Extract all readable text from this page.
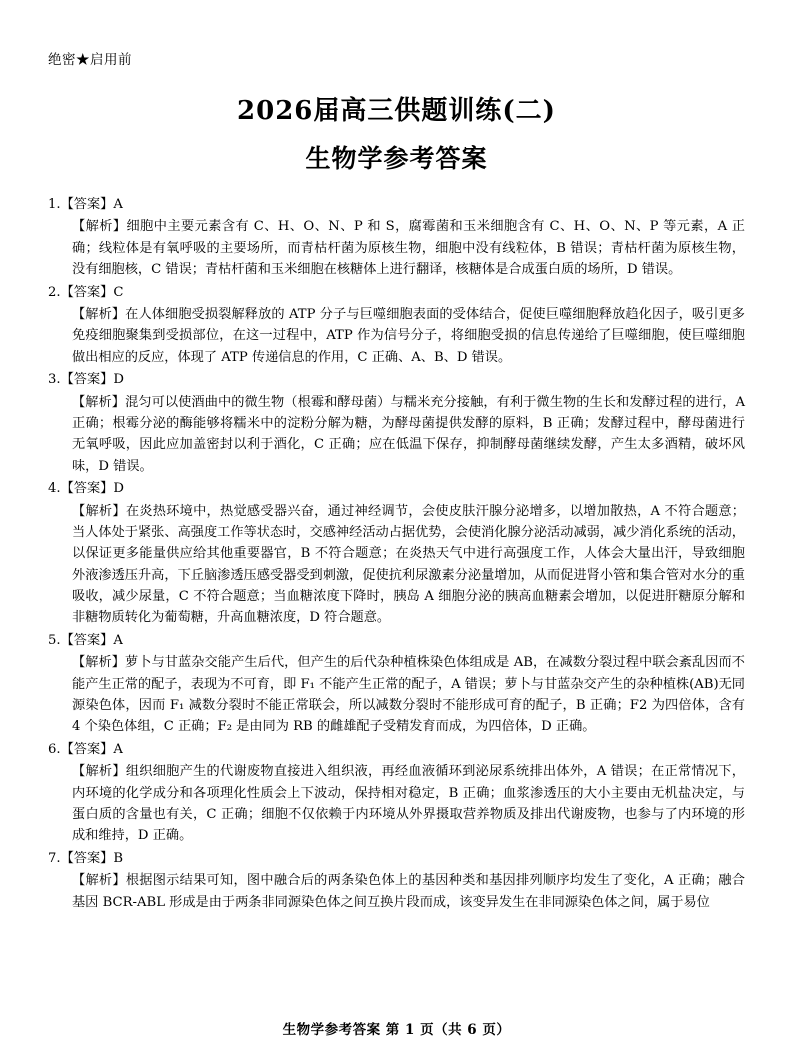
绝密★启用前
2026届高三供题训练(二)
生物学参考答案
1.【答案】A
【解析】细胞中主要元素含有 C、H、O、N、P 和 S，腐霉菌和玉米细胞含有 C、H、O、N、P 等元素，A 正确；线粒体是有氧呼吸的主要场所，而青枯杆菌为原核生物，细胞中没有线粒体，B 错误；青枯杆菌为原核生物，没有细胞核，C 错误；青枯杆菌和玉米细胞在核糖体上进行翻译，核糖体是合成蛋白质的场所，D 错误。
2.【答案】C
【解析】在人体细胞受损裂解释放的 ATP 分子与巨噬细胞表面的受体结合，促使巨噬细胞释放趋化因子，吸引更多免疫细胞聚集到受损部位，在这一过程中，ATP 作为信号分子，将细胞受损的信息传递给了巨噬细胞，使巨噬细胞做出相应的反应，体现了 ATP 传递信息的作用，C 正确、A、B、D 错误。
3.【答案】D
【解析】混匀可以使酒曲中的微生物（根霉和酵母菌）与糯米充分接触，有利于微生物的生长和发酵过程的进行，A 正确；根霉分泌的酶能够将糯米中的淀粉分解为糖，为酵母菌提供发酵的原料，B 正确；发酵过程中，酵母菌进行无氧呼吸，因此应加盖密封以利于酒化，C 正确；应在低温下保存，抑制酵母菌继续发酵，产生太多酒精，破坏风味，D 错误。
4.【答案】D
【解析】在炎热环境中，热觉感受器兴奋，通过神经调节，会使皮肤汗腺分泌增多，以增加散热，A 不符合题意；当人体处于紧张、高强度工作等状态时，交感神经活动占据优势，会使消化腺分泌活动减弱，减少消化系统的活动，以保证更多能量供应给其他重要器官，B 不符合题意；在炎热天气中进行高强度工作，人体会大量出汗，导致细胞外液渗透压升高，下丘脑渗透压感受器受到刺激，促使抗利尿激素分泌量增加，从而促进肾小管和集合管对水分的重吸收，减少尿量，C 不符合题意；当血糖浓度下降时，胰岛 A 细胞分泌的胰高血糖素会增加，以促进肝糖原分解和非糖物质转化为葡萄糖，升高血糖浓度，D 符合题意。
5.【答案】A
【解析】萝卜与甘蓝杂交能产生后代，但产生的后代杂种植株染色体组成是 AB，在减数分裂过程中联会紊乱因而不能产生正常的配子，表现为不可育，即 F₁ 不能产生正常的配子，A 错误；萝卜与甘蓝杂交产生的杂种植株(AB)无同源染色体，因而 F₁ 减数分裂时不能正常联会，所以减数分裂时不能形成可育的配子，B 正确；F2 为四倍体，含有 4 个染色体组，C 正确；F₂ 是由同为 RB 的雌雄配子受精发育而成，为四倍体，D 正确。
6.【答案】A
【解析】组织细胞产生的代谢废物直接进入组织液，再经血液循环到泌尿系统排出体外，A 错误；在正常情况下，内环境的化学成分和各项理化性质会上下波动，保持相对稳定，B 正确；血浆渗透压的大小主要由无机盐决定，与蛋白质的含量也有关，C 正确；细胞不仅依赖于内环境从外界摄取营养物质及排出代谢废物，也参与了内环境的形成和维持，D 正确。
7.【答案】B
【解析】根据图示结果可知，图中融合后的两条染色体上的基因种类和基因排列顺序均发生了变化，A 正确；融合基因 BCR-ABL 形成是由于两条非同源染色体之间互换片段而成，该变异发生在非同源染色体之间，属于易位
生物学参考答案 第 1 页（共 6 页）
